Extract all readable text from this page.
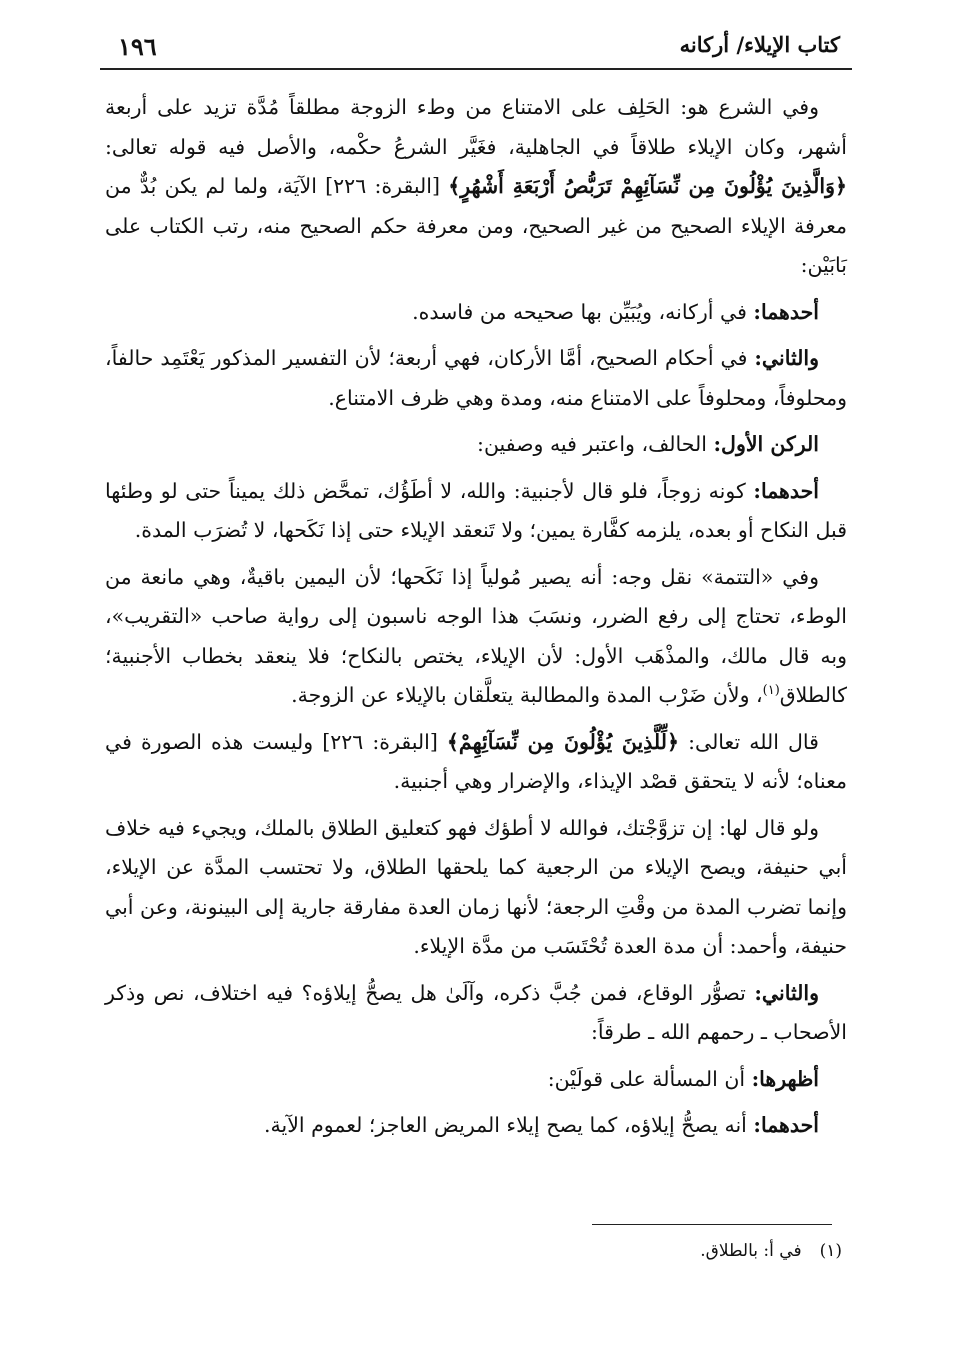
١٩٦	كتاب الإيلاء/ أركانه

وفي الشرع هو: الحَلِف على الامتناع من وطء الزوجة مطلقاً مُدَّة تزيد على أربعة أشهر، وكان الإيلاء طلاقاً في الجاهلية، فغَيَّر الشرعُ حكْمه، والأصل فيه قوله تعالى: ﴿وَالَّذِينَ يُؤْلُونَ مِن نِّسَآئِهِمْ تَرَبُّصُ أَرْبَعَةِ أَشْهُرٍ﴾ [البقرة: ٢٢٦] الآيَة، ولما لم يكن بُدٌّ من معرفة الإيلاء الصحيح من غير الصحيح، ومن معرفة حكم الصحيح منه، رتب الكتاب على بَابَيْن:

أحدهما: في أركانه، ويُبَيِّن بها صحيحه من فاسده.

والثاني: في أحكام الصحيح، أمَّا الأركان، فهي أربعة؛ لأن التفسير المذكور يَعْتَمِد حالفاً، ومحلوفاً، ومحلوفاً على الامتناع منه، ومدة وهي ظرف الامتناع.

الركن الأول: الحالف، واعتبر فيه وصفين:

أحدهما: كونه زوجاً، فلو قال لأجنبية: والله، لا أطَؤُك، تمحَّض ذلك يميناً حتى لو وطئها قبل النكاح أو بعده، يلزمه كفَّارة يمين؛ ولا تَنعقد الإيلاء حتى إذا نَكَحها، لا تُضرَب المدة.

وفي «التتمة» نقل وجه: أنه يصير مُولياً إذا نَكَحها؛ لأن اليمين باقيةٌ، وهي مانعة من الوطء، تحتاج إلى رفع الضرر، ونسَبَ هذا الوجه ناسبون إلى رواية صاحب «التقريب»، وبه قال مالك، والمذْهَب الأول: لأن الإيلاء، يختص بالنكاح؛ فلا ينعقد بخطاب الأجنبية؛ كالطلاق$^{(١)}$، ولأن ضَرْب المدة والمطالبة يتعلَّقان بالإيلاء عن الزوجة.

قال الله تعالى: ﴿لِّلَّذِينَ يُؤْلُونَ مِن نِّسَآئِهِمْ﴾ [البقرة: ٢٢٦] وليست هذه الصورة في معناه؛ لأنه لا يتحقق قصْد الإيذاء، والإضرار وهي أجنبية.

ولو قال لها: إن تزوَّجْتك، فوالله لا أطؤك فهو كتعليق الطلاق بالملك، ويجيء فيه خلاف أبي حنيفة، ويصح الإيلاء من الرجعية كما يلحقها الطلاق، ولا تحتسب المدَّة عن الإيلاء، وإنما تضرب المدة من وقْتِ الرجعة؛ لأنها زمان العدة مفارقة جارية إلى البينونة، وعن أبي حنيفة، وأحمد: أن مدة العدة تُحْتَسَب من مدَّة الإيلاء.

والثاني: تصوُّر الوقاع، فمن جُبَّ ذكره، وآلَىٰ هل يصحُّ إيلاؤه؟ فيه اختلاف، نص وذكر الأصحاب ـ رحمهم الله ـ طرقاً:

أظهرها: أن المسألة على قولَيْن:

أحدهما: أنه يصحُّ إيلاؤه، كما يصح إيلاء المريض العاجز؛ لعموم الآية.

(١)في أ: بالطلاق.
